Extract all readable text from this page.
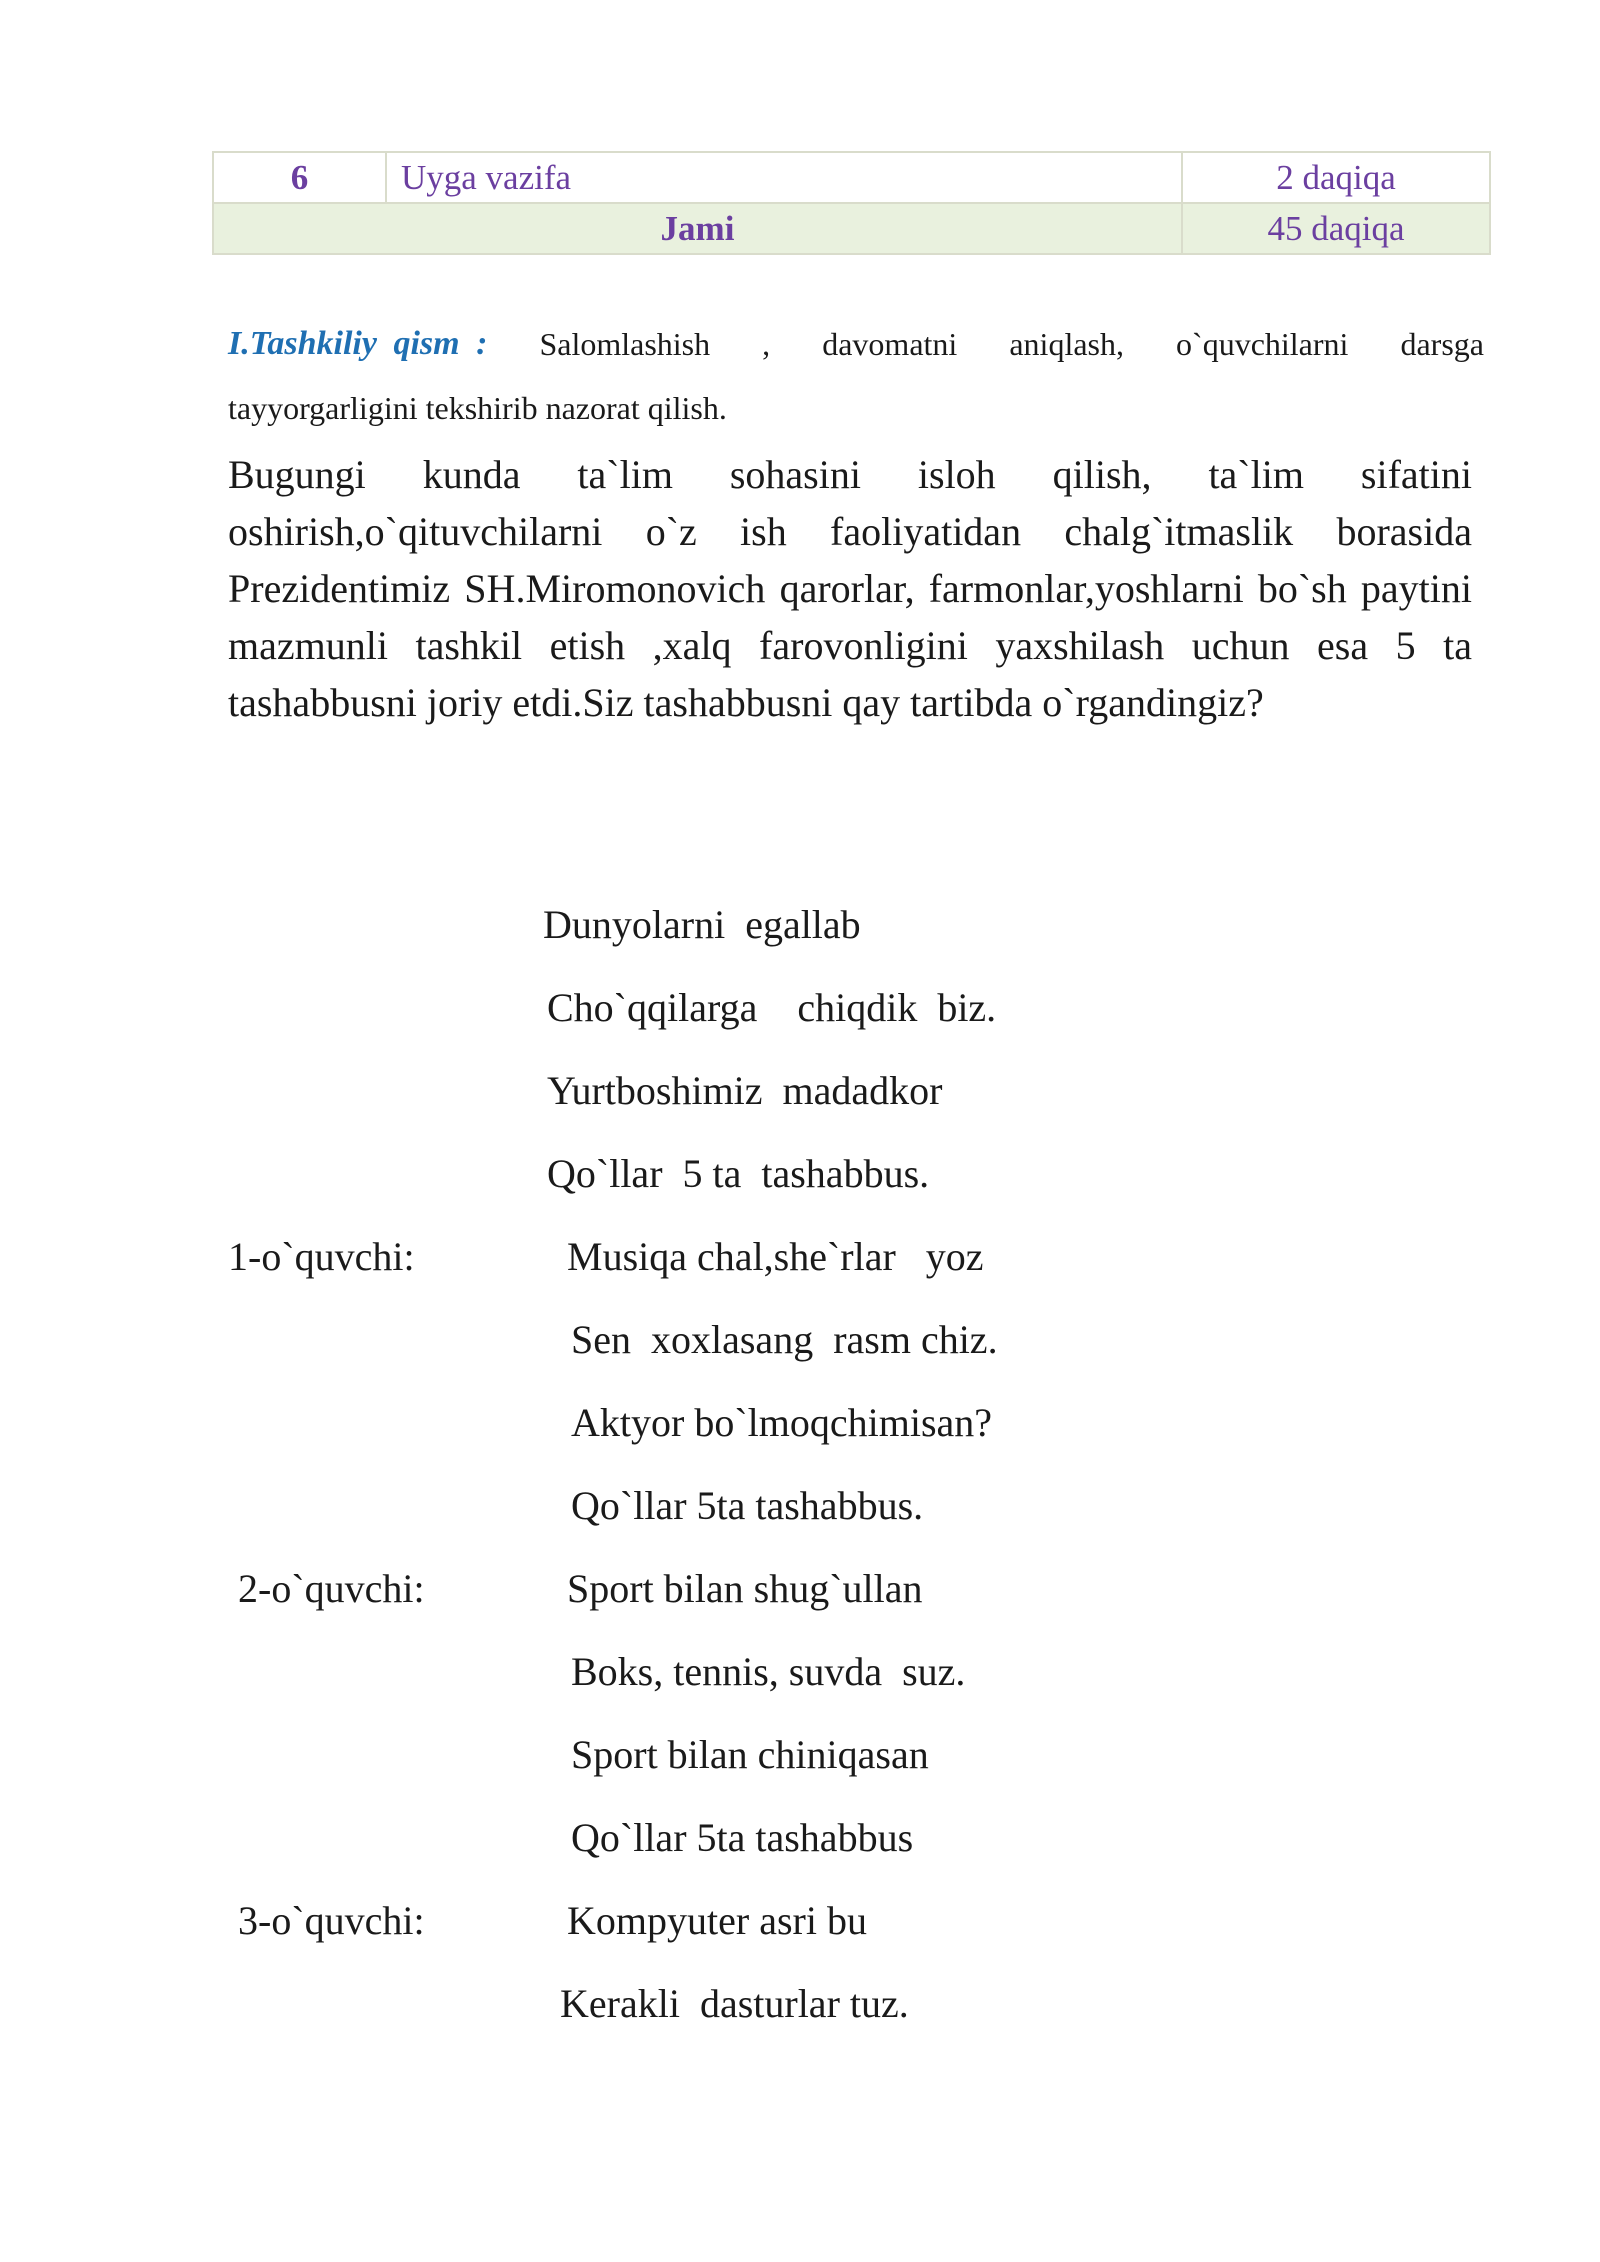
6	Uyga vazifa	2 daqiqa
Jami		45 daqiqa
I.Tashkiliy qism : Salomlashish , davomatni aniqlash, o`quvchilarni darsga
tayyorgarligini tekshirib nazorat qilish.
Bugungi kunda ta`lim sohasini isloh qilish, ta`lim sifatini oshirish,o`qituvchilarni o`z ish faoliyatidan chalg`itmaslik borasida Prezidentimiz SH.Miromonovich qarorlar, farmonlar,yoshlarni bo`sh paytini mazmunli tashkil etish ,xalq farovonligini yaxshilash uchun esa 5 ta tashabbusni joriy etdi.Siz tashabbusni qay tartibda o`rgandingiz?
Dunyolarni  egallab
Cho`qqilarga    chiqdik  biz.
Yurtboshimiz  madadkor
Qo`llar  5 ta  tashabbus.
1-o`quvchi:	Musiqa chal,she`rlar   yoz
Sen  xoxlasang  rasm chiz.
Aktyor bo`lmoqchimisan?
Qo`llar 5ta tashabbus.
2-o`quvchi:	Sport bilan shug`ullan
Boks, tennis, suvda  suz.
Sport bilan chiniqasan
Qo`llar 5ta tashabbus
3-o`quvchi:	Kompyuter asri bu
Kerakli  dasturlar tuz.
